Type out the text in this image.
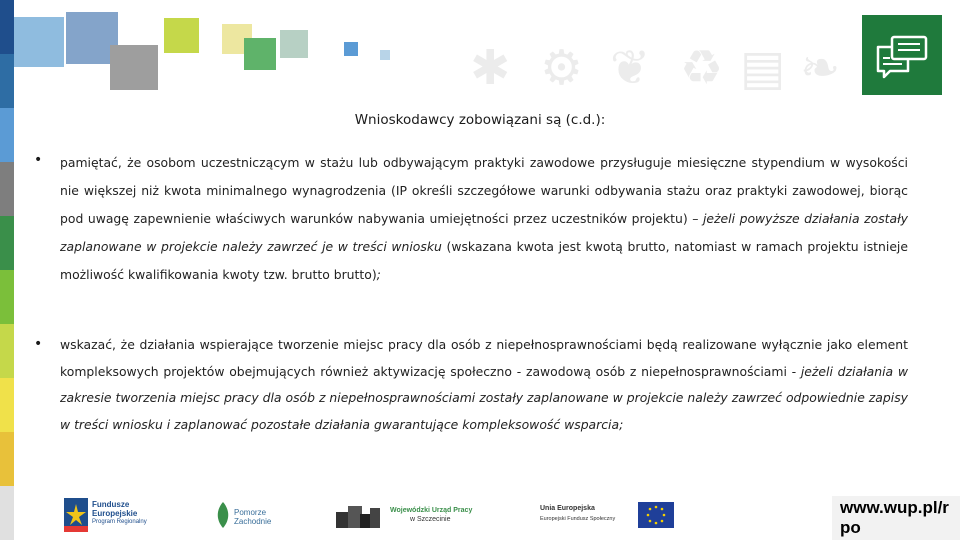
✱ ⚙ ❦ ♻ ▤ ❧
Wnioskodawcy zobowiązani są (c.d.):
• pamiętać, że osobom uczestniczącym w stażu lub odbywającym praktyki zawodowe przysługuje miesięczne stypendium w wysokości nie większej niż kwota minimalnego wynagrodzenia (IP określi szczegółowe warunki odbywania stażu oraz praktyki zawodowej, biorąc pod uwagę zapewnienie właściwych warunków nabywania umiejętności przez uczestników projektu) – jeżeli powyższe działania zostały zaplanowane w projekcie należy zawrzeć je w treści wniosku (wskazana kwota jest kwotą brutto, natomiast w ramach projektu istnieje możliwość kwalifikowania kwoty tzw. brutto brutto);
• wskazać, że działania wspierające tworzenie miejsc pracy dla osób z niepełnosprawnościami będą realizowane wyłącznie jako element kompleksowych projektów obejmujących również aktywizację społeczno - zawodową osób z niepełnosprawnościami - jeżeli działania w zakresie tworzenia miejsc pracy dla osób z niepełnosprawnościami zostały zaplanowane w projekcie należy zawrzeć odpowiednie zapisy w treści wniosku i zaplanować pozostałe działania gwarantujące kompleksowość wsparcia;
Fundusze
Europejskie
Program Regionalny
Pomorze
Zachodnie
Wojewódzki Urząd Pracy
w Szczecinie
Unia Europejska
Europejski Fundusz Społeczny
www.wup.pl/r po
